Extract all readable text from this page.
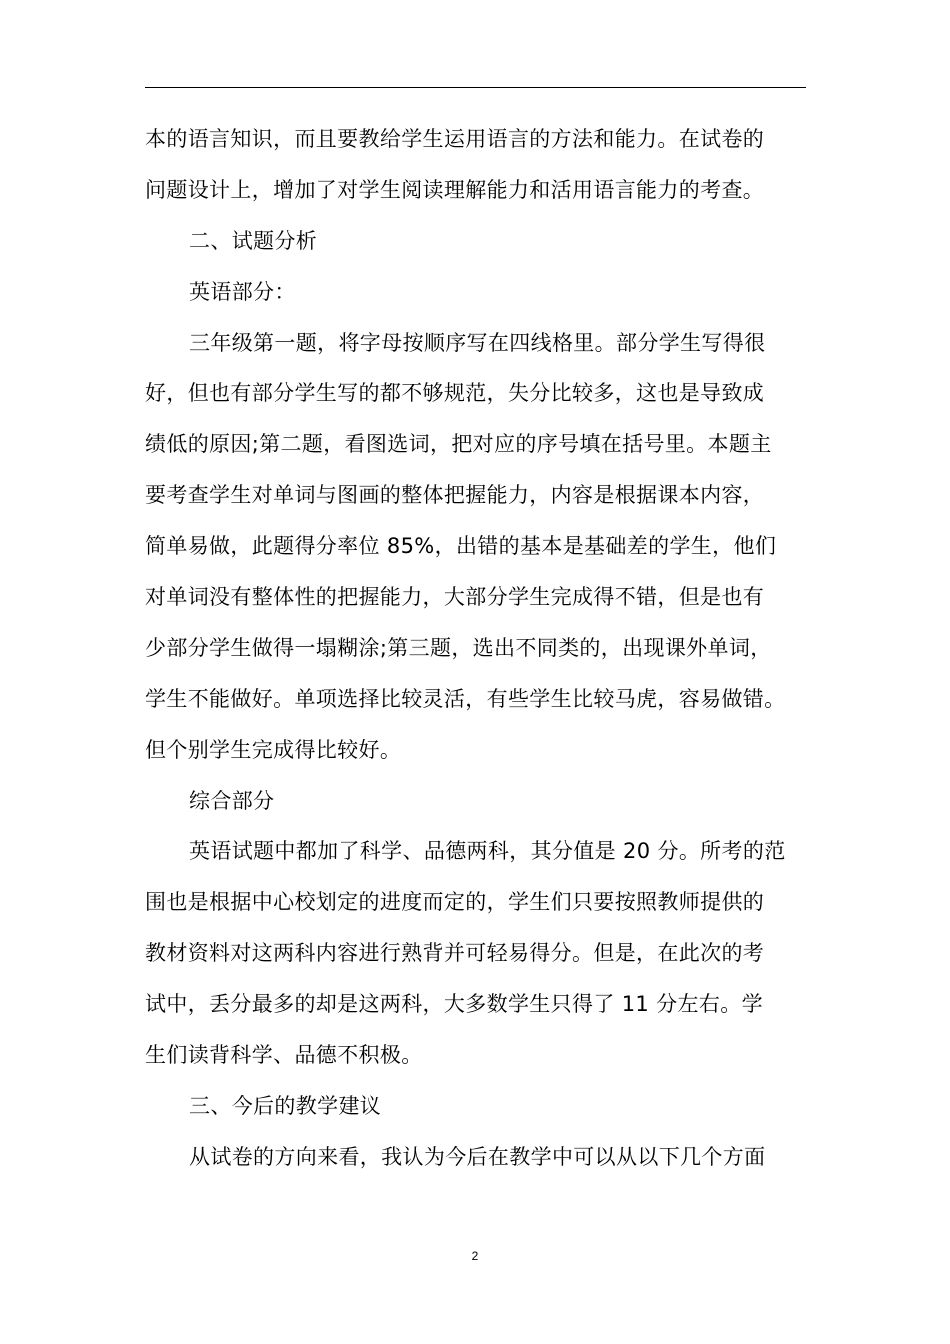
本的语言知识，而且要教给学生运用语言的方法和能力。在试卷的
问题设计上，增加了对学生阅读理解能力和活用语言能力的考查。
二、试题分析
英语部分：
三年级第一题，将字母按顺序写在四线格里。部分学生写得很
好，但也有部分学生写的都不够规范，失分比较多，这也是导致成
绩低的原因;第二题，看图选词，把对应的序号填在括号里。本题主
要考查学生对单词与图画的整体把握能力，内容是根据课本内容，
简单易做，此题得分率位 85%，出错的基本是基础差的学生，他们
对单词没有整体性的把握能力，大部分学生完成得不错，但是也有
少部分学生做得一塌糊涂;第三题，选出不同类的，出现课外单词，
学生不能做好。单项选择比较灵活，有些学生比较马虎，容易做错。
但个别学生完成得比较好。
综合部分
英语试题中都加了科学、品德两科，其分值是 20 分。所考的范
围也是根据中心校划定的进度而定的，学生们只要按照教师提供的
教材资料对这两科内容进行熟背并可轻易得分。但是，在此次的考
试中，丢分最多的却是这两科，大多数学生只得了 11 分左右。学
生们读背科学、品德不积极。
三、今后的教学建议
从试卷的方向来看，我认为今后在教学中可以从以下几个方面
2
